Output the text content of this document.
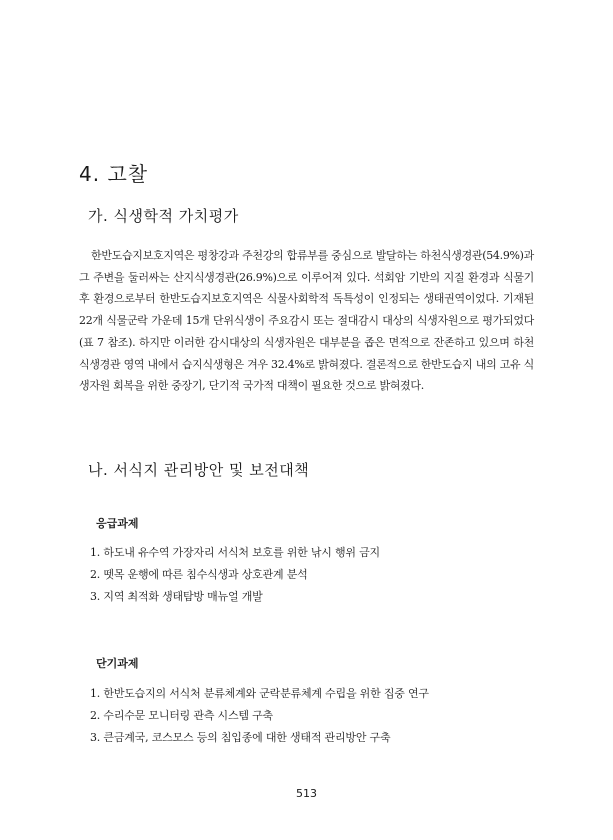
4. 고찰
가. 식생학적 가치평가

한반도습지보호지역은 평창강과 주천강의 합류부를 중심으로 발달하는 하천식생경관(54.9%)과 그 주변을 둘러싸는 산지식생경관(26.9%)으로 이루어져 있다. 석회암 기반의 지질 환경과 식물기후 환경으로부터 한반도습지보호지역은 식물사회학적 독특성이 인정되는 생태권역이었다. 기재된 22개 식물군락 가운데 15개 단위식생이 주요감시 또는 절대감시 대상의 식생자원으로 평가되었다(표 7 참조). 하지만 이러한 감시대상의 식생자원은 대부분을 좁은 면적으로 잔존하고 있으며 하천식생경관 영역 내에서 습지식생형은 겨우 32.4%로 밝혀졌다. 결론적으로 한반도습지 내의 고유 식생자원 회복을 위한 중장기, 단기적 국가적 대책이 필요한 것으로 밝혀졌다.

나. 서식지 관리방안 및 보전대책
응급과제
1. 하도내 유수역 가장자리 서식처 보호를 위한 낚시 행위 금지
2. 뗏목 운행에 따른 침수식생과 상호관계 분석
3. 지역 최적화 생태탐방 매뉴얼 개발
단기과제
1. 한반도습지의 서식처 분류체계와 군락분류체계 수립을 위한 집중 연구
2. 수리수문 모니터링 관측 시스템 구축
3. 큰금계국, 코스모스 등의 침입종에 대한 생태적 관리방안 구축
513
